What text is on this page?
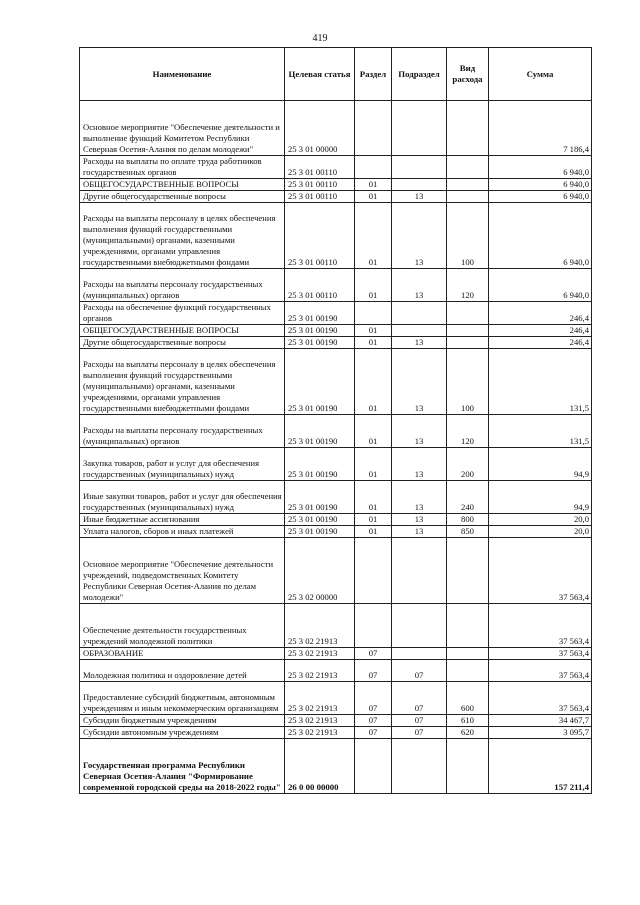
419
Наименование	Целевая статья	Раздел	Подраздел	Вид расхода	Сумма
Основное мероприятие "Обеспечение деятельности и выполнение функций Комитетом Республики Северная Осетия-Алания по делам молодежи"	25 3 01 00000				7 186,4
Расходы на выплаты по оплате труда работников государственных органов	25 3 01 00110				6 940,0
ОБЩЕГОСУДАРСТВЕННЫЕ ВОПРОСЫ	25 3 01 00110	01			6 940,0
Другие общегосударственные вопросы	25 3 01 00110	01	13		6 940,0
Расходы на выплаты персоналу в целях обеспечения выполнения функций государственными (муниципальными) органами, казенными учреждениями, органами управления государственными внебюджетными фондами	25 3 01 00110	01	13	100	6 940,0
Расходы на выплаты персоналу государственных (муниципальных) органов	25 3 01 00110	01	13	120	6 940,0
Расходы на обеспечение функций государственных органов	25 3 01 00190				246,4
ОБЩЕГОСУДАРСТВЕННЫЕ ВОПРОСЫ	25 3 01 00190	01			246,4
Другие общегосударственные вопросы	25 3 01 00190	01	13		246,4
Расходы на выплаты персоналу в целях обеспечения выполнения функций государственными (муниципальными) органами, казенными учреждениями, органами управления государственными внебюджетными фондами	25 3 01 00190	01	13	100	131,5
Расходы на выплаты персоналу государственных (муниципальных) органов	25 3 01 00190	01	13	120	131,5
Закупка товаров, работ и услуг для обеспечения государственных (муниципальных) нужд	25 3 01 00190	01	13	200	94,9
Иные закупки товаров, работ и услуг для обеспечения государственных (муниципальных) нужд	25 3 01 00190	01	13	240	94,9
Иные бюджетные ассигнования	25 3 01 00190	01	13	800	20,0
Уплата налогов, сборов и иных платежей	25 3 01 00190	01	13	850	20,0
Основное мероприятие "Обеспечение деятельности учреждений, подведомственных Комитету Республики Северная Осетия-Алания по делам молодежи"	25 3 02 00000				37 563,4
Обеспечение деятельности государственных учреждений молодежной политики	25 3 02 21913				37 563,4
ОБРАЗОВАНИЕ	25 3 02 21913	07			37 563,4
Молодежная политика и оздоровление детей	25 3 02 21913	07	07		37 563,4
Предоставление субсидий бюджетным, автономным учреждениям и иным некоммерческим организациям	25 3 02 21913	07	07	600	37 563,4
Субсидии бюджетным учреждениям	25 3 02 21913	07	07	610	34 467,7
Субсидии автономным учреждениям	25 3 02 21913	07	07	620	3 095,7
Государственная программа Республики Северная Осетия-Алания "Формирование современной городской среды на 2018-2022 годы"	26 0 00 00000				157 211,4
